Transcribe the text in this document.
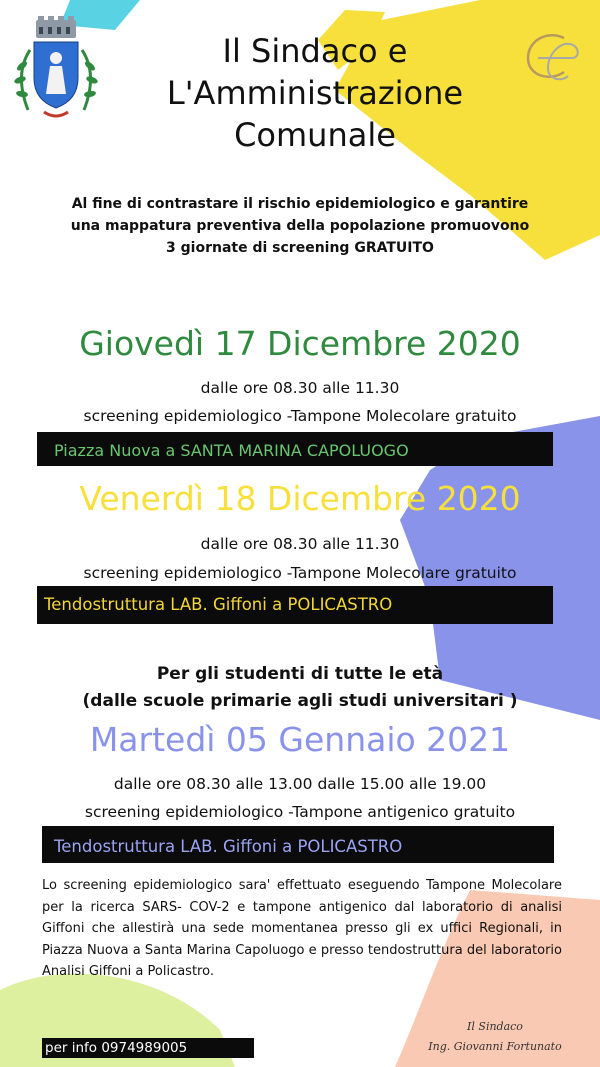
Il Sindaco e
L'Amministrazione
Comunale
Al fine di contrastare il rischio epidemiologico e garantire
una mappatura preventiva della popolazione promuovono
3 giornate di screening GRATUITO
Giovedì 17 Dicembre 2020
dalle ore 08.30 alle 11.30
screening epidemiologico -Tampone Molecolare gratuito
Piazza Nuova a SANTA MARINA CAPOLUOGO
Venerdì 18 Dicembre 2020
dalle ore 08.30 alle 11.30
screening epidemiologico -Tampone Molecolare gratuito
Tendostruttura LAB. Giffoni a POLICASTRO
Per gli studenti di tutte le età
(dalle scuole primarie agli studi universitari )
Martedì 05 Gennaio 2021
dalle ore 08.30 alle 13.00 dalle 15.00 alle 19.00
screening epidemiologico -Tampone antigenico gratuito
Tendostruttura LAB. Giffoni a POLICASTRO
Lo screening epidemiologico sara' effettuato eseguendo Tampone Molecolare per la ricerca SARS- COV-2 e tampone antigenico dal laboratorio di analisi Giffoni che allestirà una sede momentanea presso gli ex uffici Regionali, in Piazza Nuova a Santa Marina Capoluogo e presso tendostruttura del laboratorio Analisi Giffoni a Policastro.
per info 0974989005
Il Sindaco
Ing. Giovanni Fortunato
